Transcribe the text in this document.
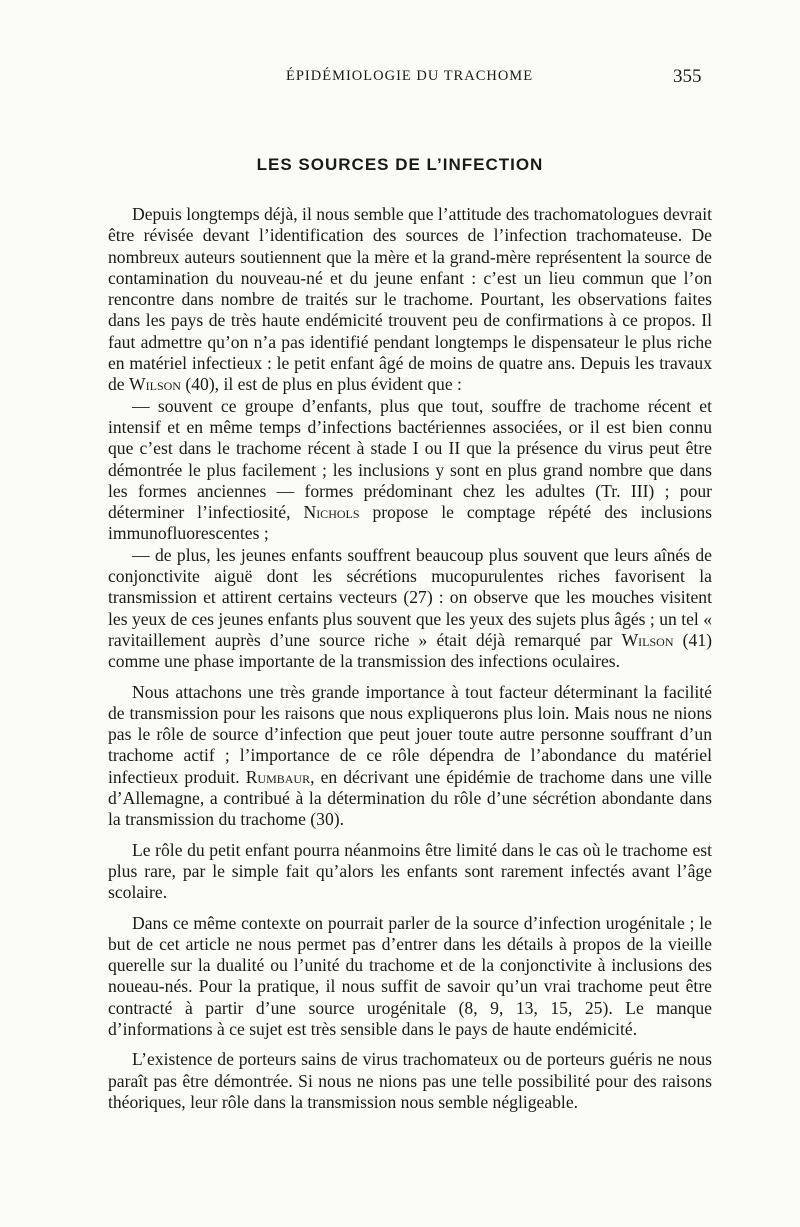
ÉPIDÉMIOLOGIE DU TRACHOME	355
LES SOURCES DE L’INFECTION

Depuis longtemps déjà, il nous semble que l’attitude des trachomatologues devrait être révisée devant l’identification des sources de l’infection trachomateuse. De nombreux auteurs soutiennent que la mère et la grand-mère représentent la source de contamination du nouveau-né et du jeune enfant : c’est un lieu commun que l’on rencontre dans nombre de traités sur le trachome. Pourtant, les observations faites dans les pays de très haute endémicité trouvent peu de confirmations à ce propos. Il faut admettre qu’on n’a pas identifié pendant longtemps le dispensateur le plus riche en matériel infectieux : le petit enfant âgé de moins de quatre ans. Depuis les travaux de Wilson (40), il est de plus en plus évident que :

— souvent ce groupe d’enfants, plus que tout, souffre de trachome récent et intensif et en même temps d’infections bactériennes associées, or il est bien connu que c’est dans le trachome récent à stade I ou II que la présence du virus peut être démontrée le plus facilement ; les inclusions y sont en plus grand nombre que dans les formes anciennes — formes prédominant chez les adultes (Tr. III) ; pour déterminer l’infectiosité, Nichols propose le comptage répété des inclusions immunofluorescentes ;

— de plus, les jeunes enfants souffrent beaucoup plus souvent que leurs aînés de conjonctivite aiguë dont les sécrétions mucopurulentes riches favorisent la transmission et attirent certains vecteurs (27) : on observe que les mouches visitent les yeux de ces jeunes enfants plus souvent que les yeux des sujets plus âgés ; un tel « ravitaillement auprès d’une source riche » était déjà remarqué par Wilson (41) comme une phase importante de la transmission des infections oculaires.

Nous attachons une très grande importance à tout facteur déterminant la facilité de transmission pour les raisons que nous expliquerons plus loin. Mais nous ne nions pas le rôle de source d’infection que peut jouer toute autre personne souffrant d’un trachome actif ; l’importance de ce rôle dépendra de l’abondance du matériel infectieux produit. Rumbaur, en décrivant une épidémie de trachome dans une ville d’Allemagne, a contribué à la détermination du rôle d’une sécrétion abondante dans la transmission du trachome (30).

Le rôle du petit enfant pourra néanmoins être limité dans le cas où le trachome est plus rare, par le simple fait qu’alors les enfants sont rarement infectés avant l’âge scolaire.

Dans ce même contexte on pourrait parler de la source d’infection urogénitale ; le but de cet article ne nous permet pas d’entrer dans les détails à propos de la vieille querelle sur la dualité ou l’unité du trachome et de la conjonctivite à inclusions des noueau-nés. Pour la pratique, il nous suffit de savoir qu’un vrai trachome peut être contracté à partir d’une source urogénitale (8, 9, 13, 15, 25). Le manque d’informations à ce sujet est très sensible dans le pays de haute endémicité.

L’existence de porteurs sains de virus trachomateux ou de porteurs guéris ne nous paraît pas être démontrée. Si nous ne nions pas une telle possibilité pour des raisons théoriques, leur rôle dans la transmission nous semble négligeable.
